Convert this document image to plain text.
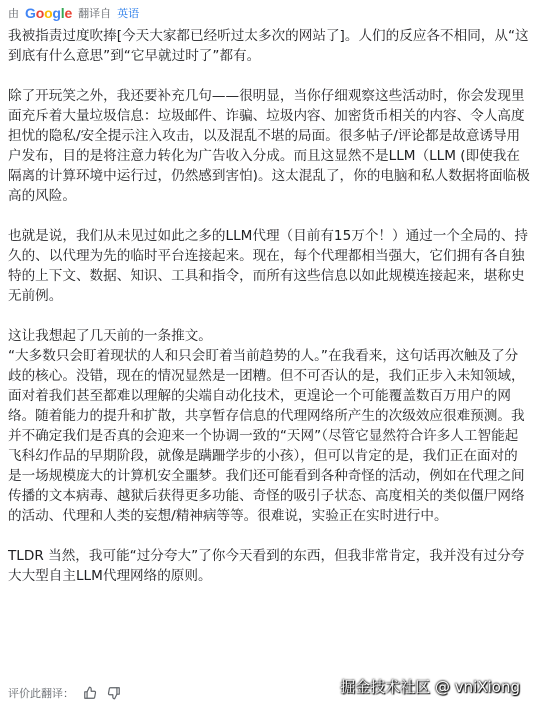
由 G o o g l e 翻译自 英语

我被指责过度吹捧[今天大家都已经听过太多次的网站了]。人们的反应各不相同，从“这到底有什么意思”到“它早就过时了”都有。

除了开玩笑之外，我还要补充几句——很明显，当你仔细观察这些活动时，你会发现里面充斥着大量垃圾信息：垃圾邮件、诈骗、垃圾内容、加密货币相关的内容、令人高度担忧的隐私/安全提示注入攻击，以及混乱不堪的局面。很多帖子/评论都是故意诱导用户发布，目的是将注意力转化为广告收入分成。而且这显然不是LLM（LLM (即使我在隔离的计算环境中运行过，仍然感到害怕)。这太混乱了，你的电脑和私人数据将面临极高的风险。

也就是说，我们从未见过如此之多的LLM代理（目前有15万个！）通过一个全局的、持久的、以代理为先的临时平台连接起来。现在，每个代理都相当强大，它们拥有各自独特的上下文、数据、知识、工具和指令，而所有这些信息以如此规模连接起来，堪称史无前例。

这让我想起了几天前的一条推文。

“大多数只会盯着现状的人和只会盯着当前趋势的人。”在我看来，这句话再次触及了分歧的核心。没错，现在的情况显然是一团糟。但不可否认的是，我们正步入未知领域，面对着我们甚至都难以理解的尖端自动化技术，更遑论一个可能覆盖数百万用户的网络。随着能力的提升和扩散，共享暂存信息的代理网络所产生的次级效应很难预测。我并不确定我们是否真的会迎来一个协调一致的“天网”（尽管它显然符合许多人工智能起飞科幻作品的早期阶段，就像是蹒跚学步的小孩），但可以肯定的是，我们正在面对的是一场规模庞大的计算机安全噩梦。我们还可能看到各种奇怪的活动，例如在代理之间传播的文本病毒、越狱后获得更多功能、奇怪的吸引子状态、高度相关的类似僵尸网络的活动、代理和人类的妄想/精神病等等。很难说，实验正在实时进行中。

TLDR 当然，我可能“过分夸大”了你今天看到的东西，但我非常肯定，我并没有过分夸大大型自主LLM代理网络的原则。

评价此翻译：	掘金技术社区 @ vniXiong
